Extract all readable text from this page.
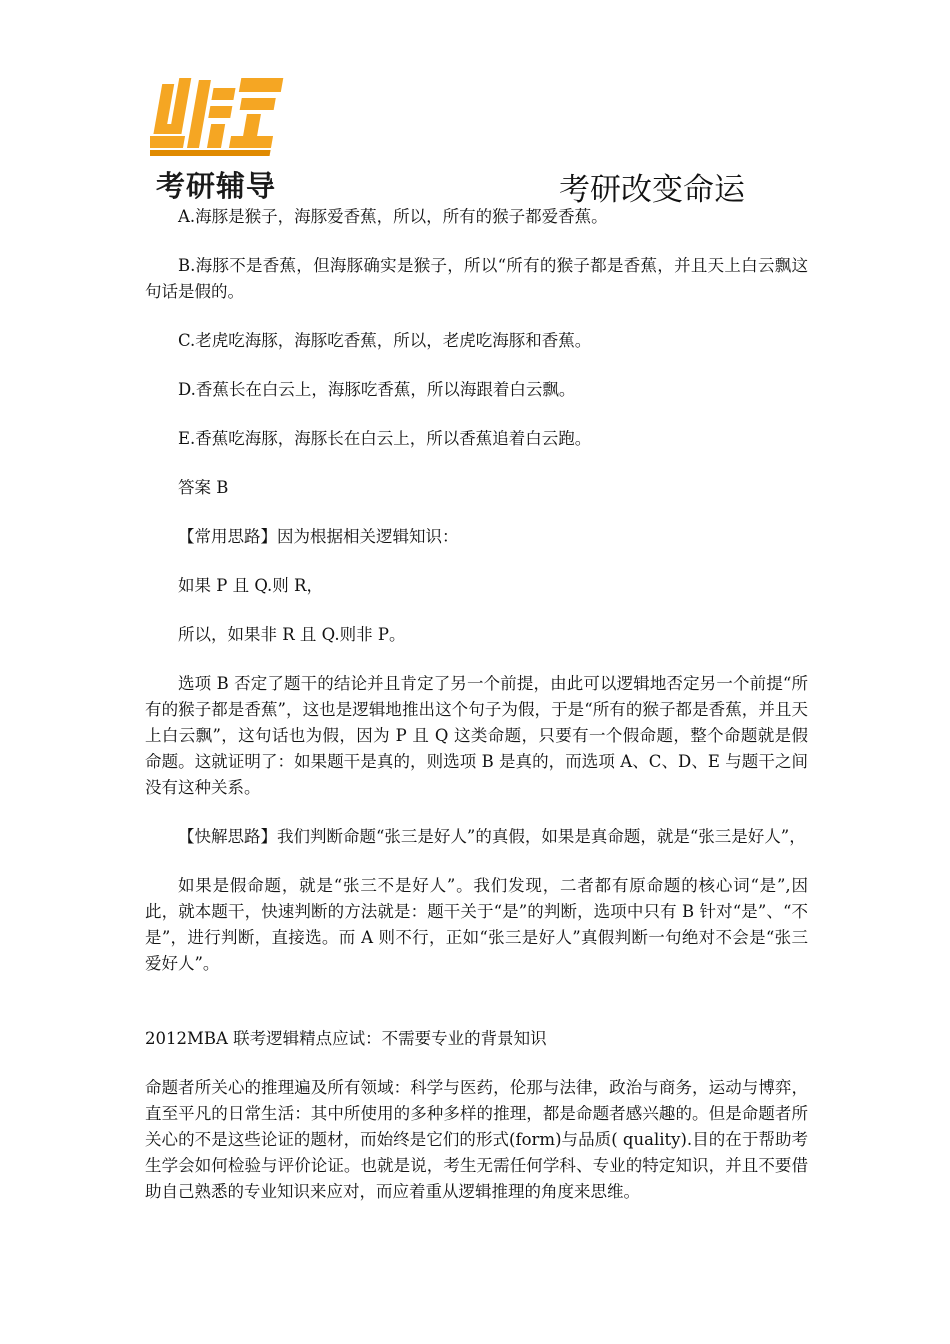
考研辅导	考研改变命运

A.海豚是猴子，海豚爱香蕉，所以，所有的猴子都爱香蕉。

B.海豚不是香蕉，但海豚确实是猴子，所以“所有的猴子都是香蕉，并且天上白云飘这句话是假的。

C.老虎吃海豚，海豚吃香蕉，所以，老虎吃海豚和香蕉。

D.香蕉长在白云上，海豚吃香蕉，所以海跟着白云飘。

E.香蕉吃海豚，海豚长在白云上，所以香蕉追着白云跑。

答案 B

【常用思路】因为根据相关逻辑知识：

如果 P 且 Q.则 R，

所以，如果非 R 且 Q.则非 P。

选项 B 否定了题干的结论并且肯定了另一个前提，由此可以逻辑地否定另一个前提“所有的猴子都是香蕉”，这也是逻辑地推出这个句子为假，于是“所有的猴子都是香蕉，并且天上白云飘”，这句话也为假，因为 P 且 Q 这类命题，只要有一个假命题，整个命题就是假命题。这就证明了：如果题干是真的，则选项 B 是真的，而选项 A、C、D、E 与题干之间没有这种关系。

【快解思路】我们判断命题“张三是好人”的真假，如果是真命题，就是“张三是好人”，

如果是假命题，就是“张三不是好人”。我们发现，二者都有原命题的核心词“是”,因此，就本题干，快速判断的方法就是：题干关于“是”的判断，选项中只有 B 针对“是”、“不是”，进行判断，直接选。而 A 则不行，正如“张三是好人”真假判断一句绝对不会是“张三爱好人”。

2012MBA 联考逻辑精点应试：不需要专业的背景知识

命题者所关心的推理遍及所有领域：科学与医药，伦那与法律，政治与商务，运动与博弈，直至平凡的日常生活：其中所使用的多种多样的推理，都是命题者感兴趣的。但是命题者所关心的不是这些论证的题材，而始终是它们的形式(form)与品质( quality).目的在于帮助考生学会如何检验与评价论证。也就是说，考生无需任何学科、专业的特定知识，并且不要借助自己熟悉的专业知识来应对，而应着重从逻辑推理的角度来思维。
